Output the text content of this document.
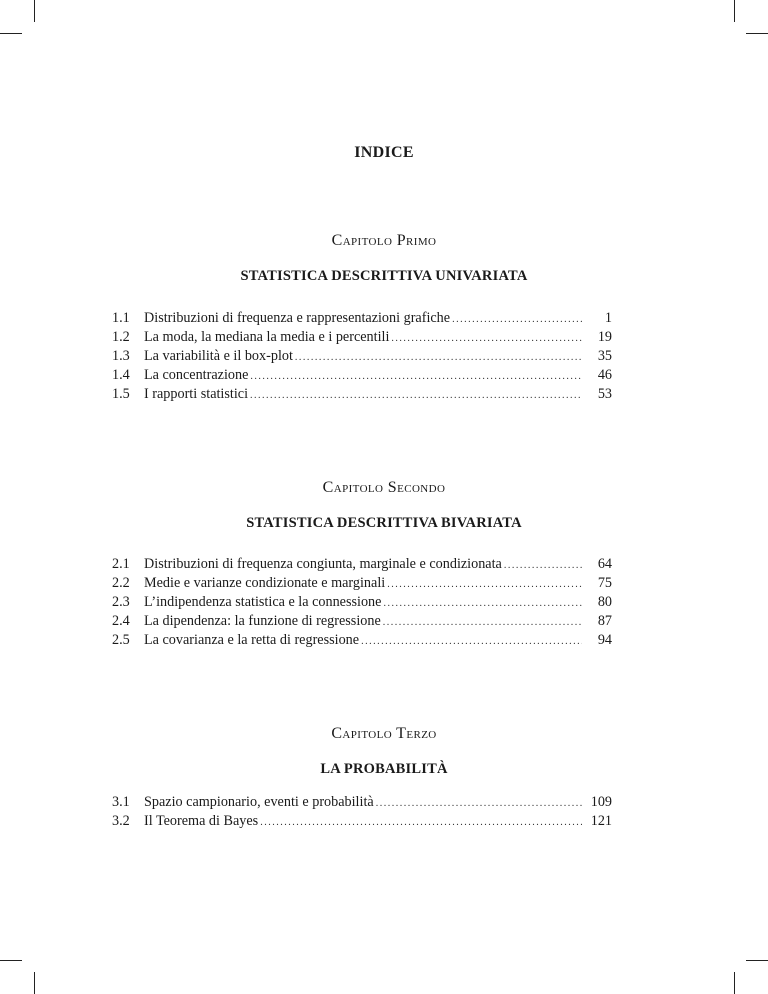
INDICE
Capitolo Primo
STATISTICA DESCRITTIVA UNIVARIATA
1.1	Distribuzioni di frequenza e rappresentazioni grafiche .....	1
1.2	La moda, la mediana la media e i percentili .....	19
1.3	La variabilità e il box-plot .....	35
1.4	La concentrazione .....	46
1.5	I rapporti statistici .....	53
Capitolo Secondo
STATISTICA DESCRITTIVA BIVARIATA
2.1	Distribuzioni di frequenza congiunta, marginale e condizionata .....	64
2.2	Medie e varianze condizionate e marginali .....	75
2.3	L’indipendenza statistica e la connessione .....	80
2.4	La dipendenza: la funzione di regressione .....	87
2.5	La covarianza e la retta di regressione .....	94
Capitolo Terzo
LA PROBABILITÀ
3.1	Spazio campionario, eventi e probabilità .....	109
3.2	Il Teorema di Bayes .....	121
